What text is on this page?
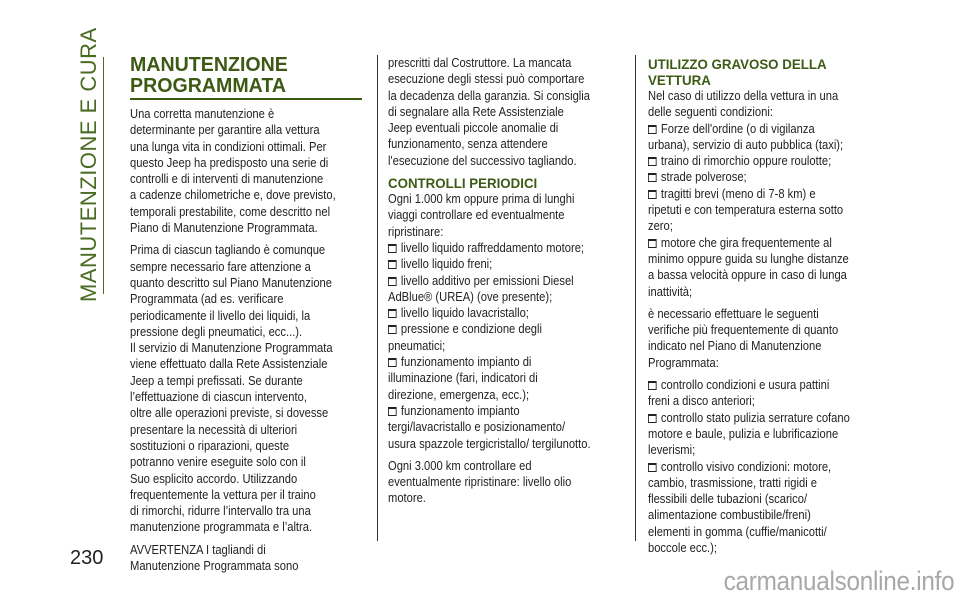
MANUTENZIONE E CURA
230
MANUTENZIONE
PROGRAMMATA
Una corretta manutenzione è
determinante per garantire alla vettura
una lunga vita in condizioni ottimali. Per
questo Jeep ha predisposto una serie di
controlli e di interventi di manutenzione
a cadenze chilometriche e, dove previsto,
temporali prestabilite, come descritto nel
Piano di Manutenzione Programmata.
Prima di ciascun tagliando è comunque
sempre necessario fare attenzione a
quanto descritto sul Piano Manutenzione
Programmata (ad es. verificare
periodicamente il livello dei liquidi, la
pressione degli pneumatici, ecc...).
Il servizio di Manutenzione Programmata
viene effettuato dalla Rete Assistenziale
Jeep a tempi prefissati. Se durante
l’effettuazione di ciascun intervento,
oltre alle operazioni previste, si dovesse
presentare la necessità di ulteriori
sostituzioni o riparazioni, queste
potranno venire eseguite solo con il
Suo esplicito accordo. Utilizzando
frequentemente la vettura per il traino
di rimorchi, ridurre l’intervallo tra una
manutenzione programmata e l’altra.
AVVERTENZA I tagliandi di
Manutenzione Programmata sono
prescritti dal Costruttore. La mancata
esecuzione degli stessi può comportare
la decadenza della garanzia. Si consiglia
di segnalare alla Rete Assistenziale
Jeep eventuali piccole anomalie di
funzionamento, senza attendere
l'esecuzione del successivo tagliando.
CONTROLLI PERIODICI
Ogni 1.000 km oppure prima di lunghi
viaggi controllare ed eventualmente
ripristinare:
livello liquido raffreddamento motore;
livello liquido freni;
livello additivo per emissioni Diesel
AdBlue® (UREA) (ove presente);
livello liquido lavacristallo;
pressione e condizione degli
pneumatici;
funzionamento impianto di
illuminazione (fari, indicatori di
direzione, emergenza, ecc.);
funzionamento impianto
tergi/lavacristallo e posizionamento/
usura spazzole tergicristallo/ tergilunotto.
Ogni 3.000 km controllare ed
eventualmente ripristinare: livello olio
motore.
UTILIZZO GRAVOSO DELLA
VETTURA
Nel caso di utilizzo della vettura in una
delle seguenti condizioni:
Forze dell'ordine (o di vigilanza
urbana), servizio di auto pubblica (taxi);
traino di rimorchio oppure roulotte;
strade polverose;
tragitti brevi (meno di 7-8 km) e
ripetuti e con temperatura esterna sotto
zero;
motore che gira frequentemente al
minimo oppure guida su lunghe distanze
a bassa velocità oppure in caso di lunga
inattività;
è necessario effettuare le seguenti
verifiche più frequentemente di quanto
indicato nel Piano di Manutenzione
Programmata:
controllo condizioni e usura pattini
freni a disco anteriori;
controllo stato pulizia serrature cofano
motore e baule, pulizia e lubrificazione
leverismi;
controllo visivo condizioni: motore,
cambio, trasmissione, tratti rigidi e
flessibili delle tubazioni (scarico/
alimentazione combustibile/freni)
elementi in gomma (cuffie/manicotti/
boccole ecc.);
carmanualsonline.info
